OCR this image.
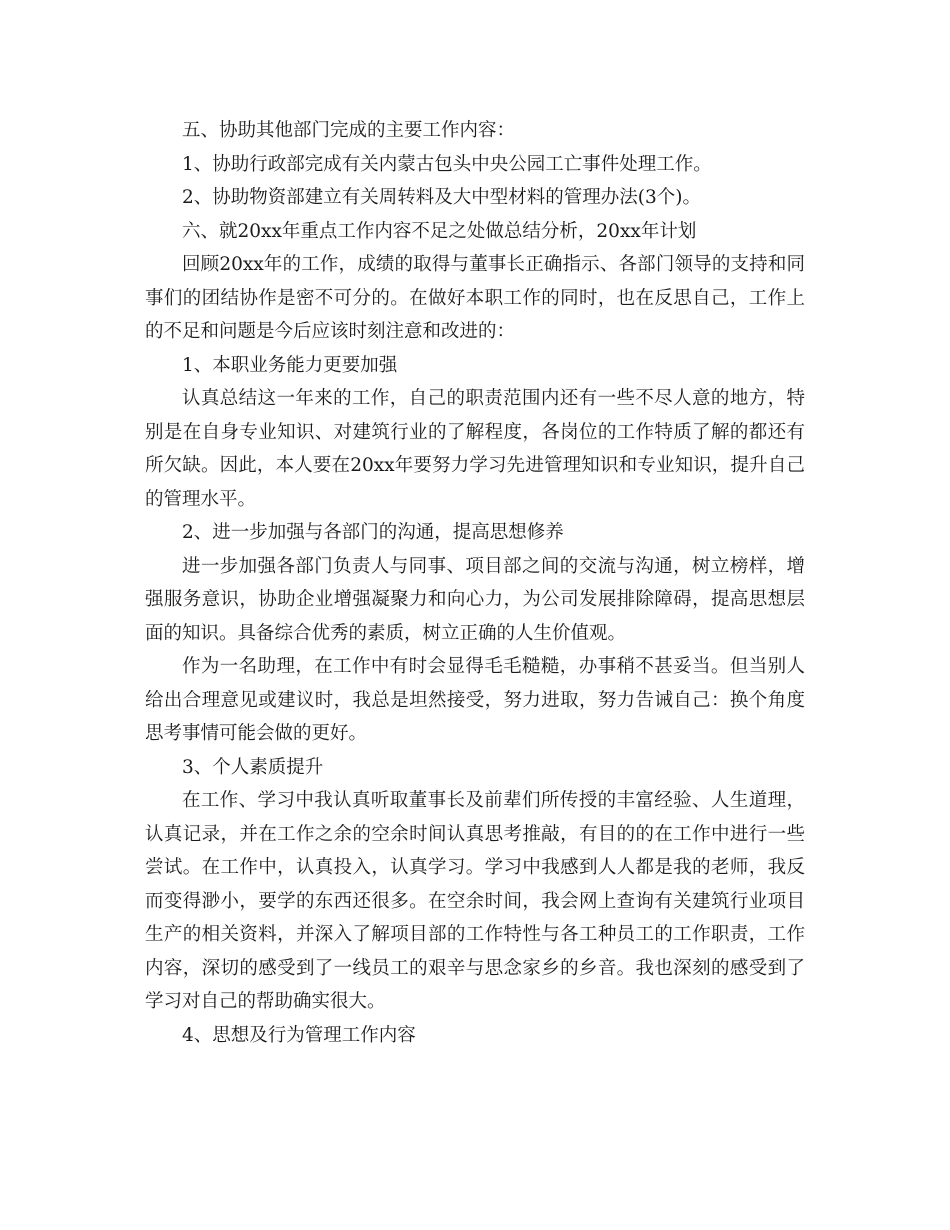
五、协助其他部门完成的主要工作内容：

1、协助行政部完成有关内蒙古包头中央公园工亡事件处理工作。

2、协助物资部建立有关周转料及大中型材料的管理办法(3个)。

六、就20xx年重点工作内容不足之处做总结分析，20xx年计划

回顾20xx年的工作，成绩的取得与董事长正确指示、各部门领导的支持和同事们的团结协作是密不可分的。在做好本职工作的同时，也在反思自己，工作上的不足和问题是今后应该时刻注意和改进的：

1、本职业务能力更要加强

认真总结这一年来的工作，自己的职责范围内还有一些不尽人意的地方，特别是在自身专业知识、对建筑行业的了解程度，各岗位的工作特质了解的都还有所欠缺。因此，本人要在20xx年要努力学习先进管理知识和专业知识，提升自己的管理水平。

2、进一步加强与各部门的沟通，提高思想修养

进一步加强各部门负责人与同事、项目部之间的交流与沟通，树立榜样，增强服务意识，协助企业增强凝聚力和向心力，为公司发展排除障碍，提高思想层面的知识。具备综合优秀的素质，树立正确的人生价值观。

作为一名助理，在工作中有时会显得毛毛糙糙，办事稍不甚妥当。但当别人给出合理意见或建议时，我总是坦然接受，努力进取，努力告诫自己：换个角度思考事情可能会做的更好。

3、个人素质提升

在工作、学习中我认真听取董事长及前辈们所传授的丰富经验、人生道理，认真记录，并在工作之余的空余时间认真思考推敲，有目的的在工作中进行一些尝试。在工作中，认真投入，认真学习。学习中我感到人人都是我的老师，我反而变得渺小，要学的东西还很多。在空余时间，我会网上查询有关建筑行业项目生产的相关资料，并深入了解项目部的工作特性与各工种员工的工作职责，工作内容，深切的感受到了一线员工的艰辛与思念家乡的乡音。我也深刻的感受到了学习对自己的帮助确实很大。

4、思想及行为管理工作内容
